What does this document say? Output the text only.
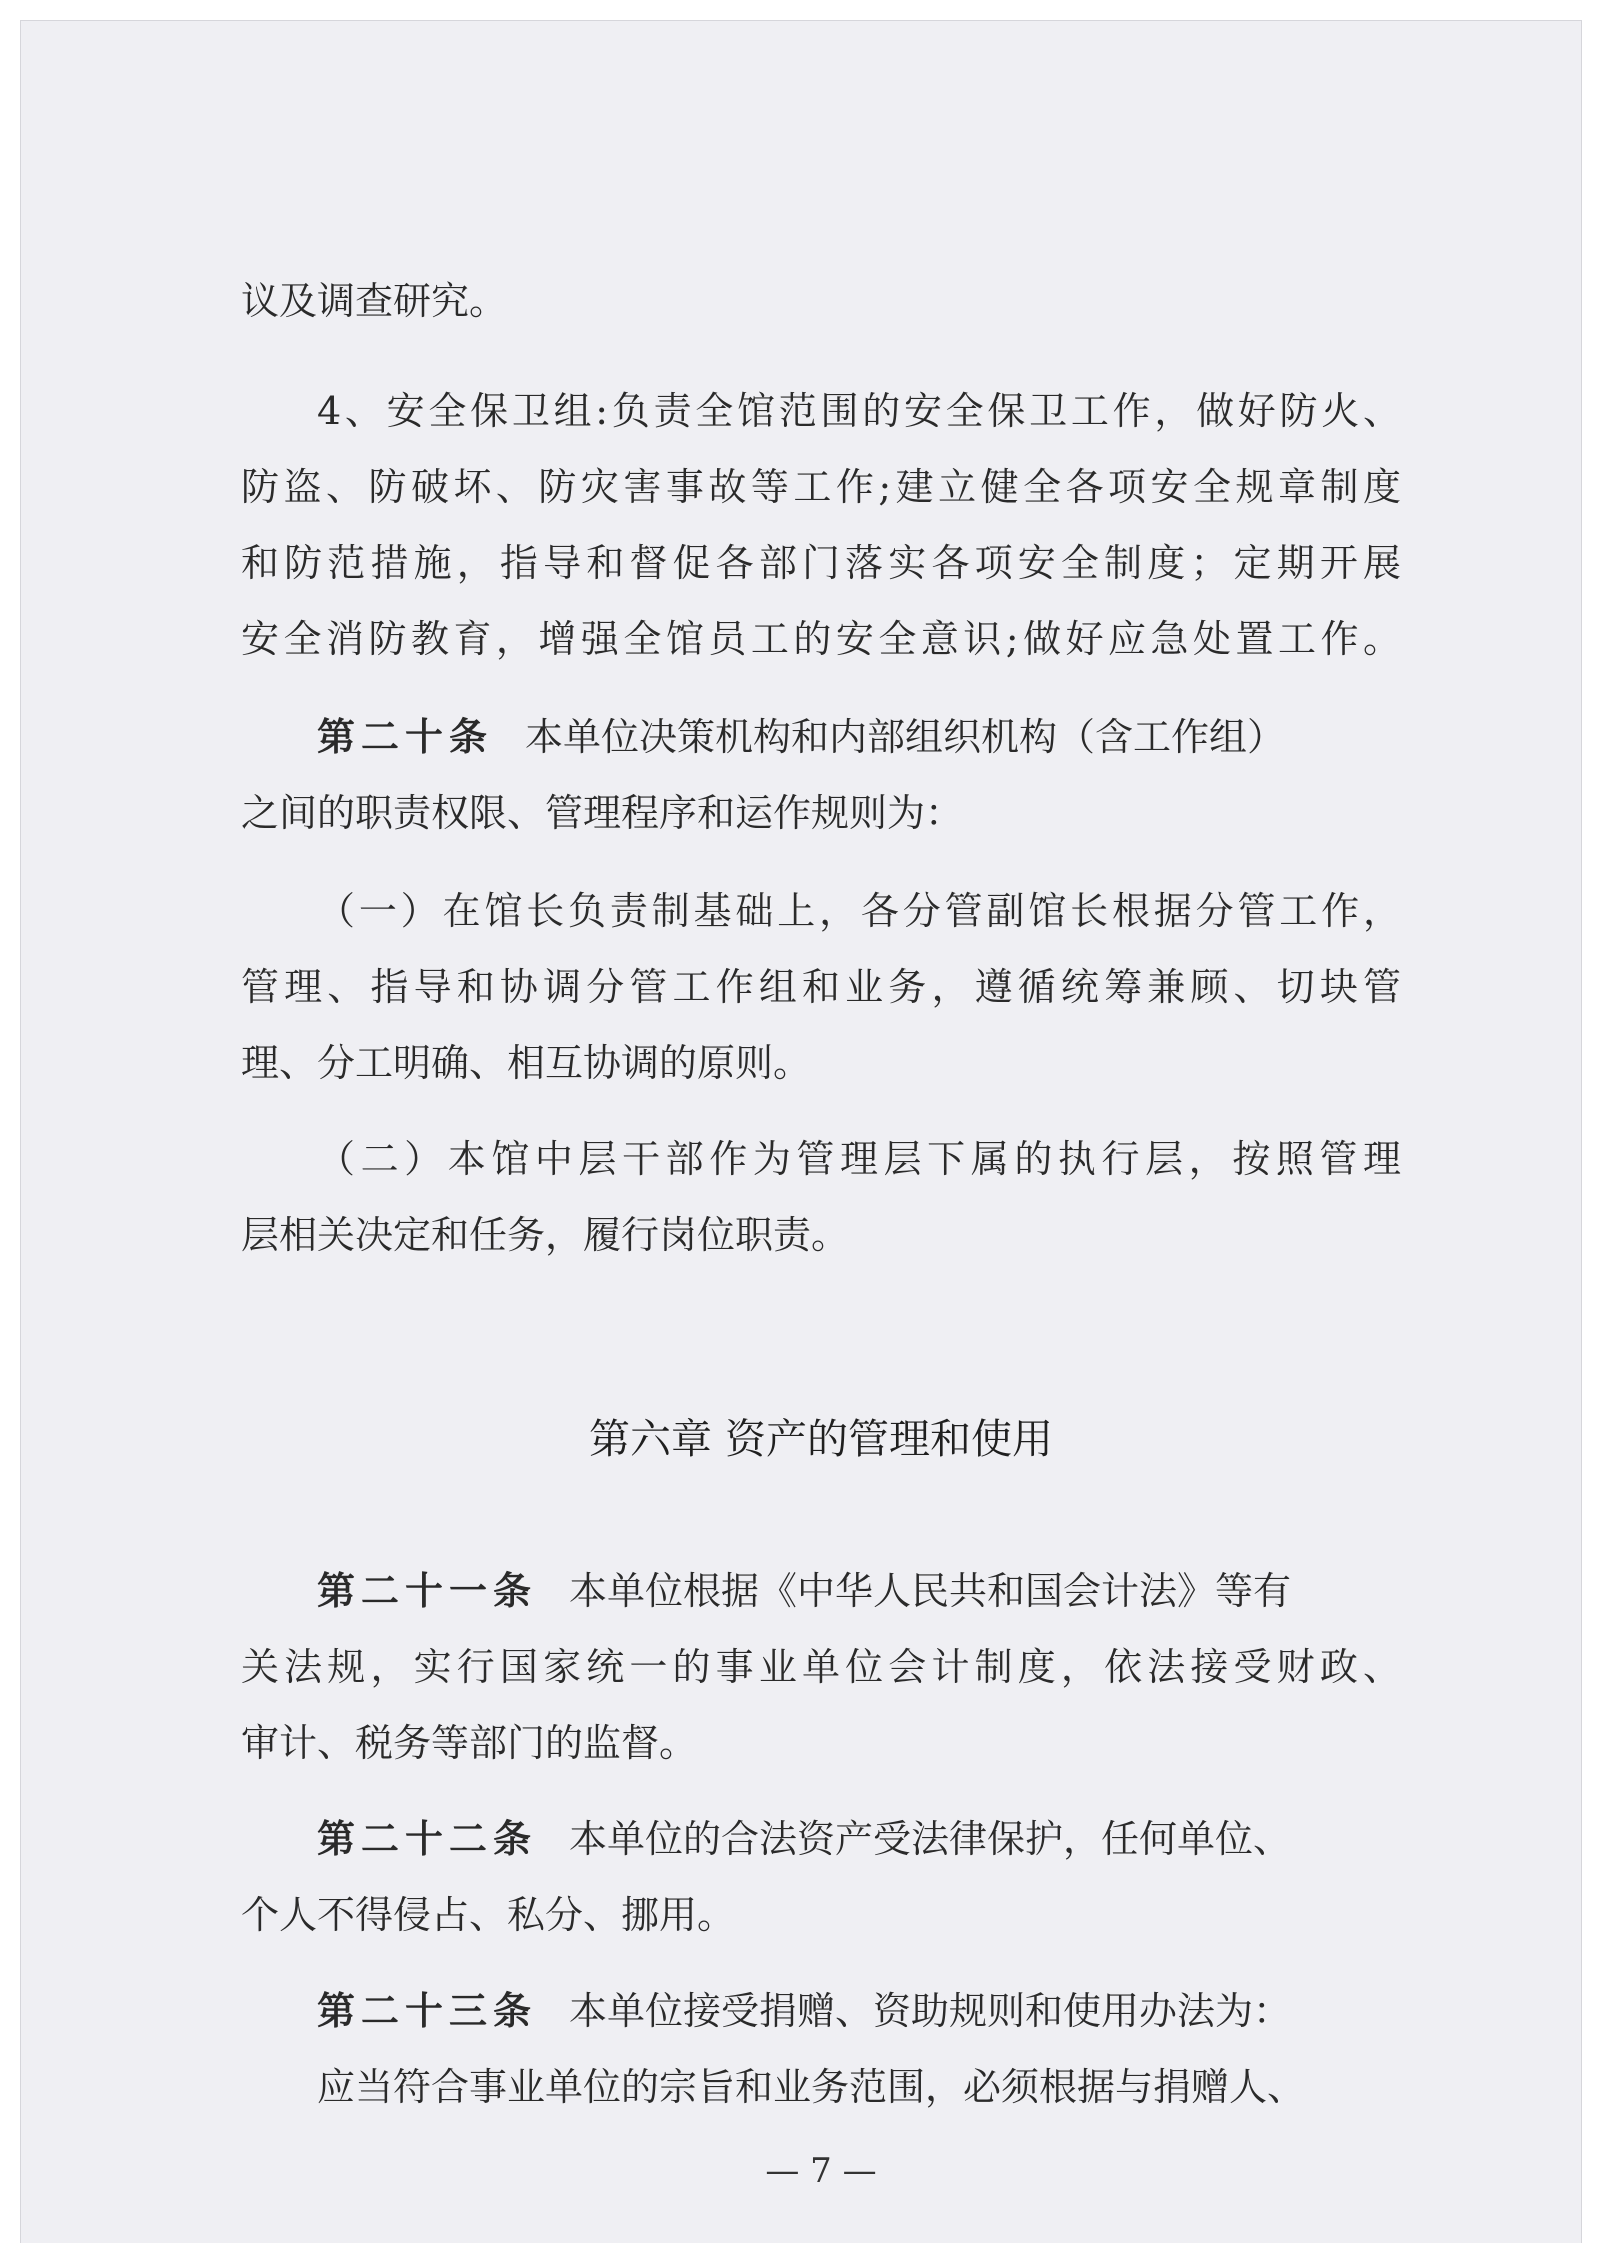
议及调查研究。
4、安全保卫组:负责全馆范围的安全保卫工作，做好防火、
防盗、防破坏、防灾害事故等工作;建立健全各项安全规章制度
和防范措施，指导和督促各部门落实各项安全制度；定期开展
安全消防教育，增强全馆员工的安全意识;做好应急处置工作。
第二十条 本单位决策机构和内部组织机构（含工作组）
之间的职责权限、管理程序和运作规则为：
（一）在馆长负责制基础上，各分管副馆长根据分管工作，
管理、指导和协调分管工作组和业务，遵循统筹兼顾、切块管
理、分工明确、相互协调的原则。
（二）本馆中层干部作为管理层下属的执行层，按照管理
层相关决定和任务，履行岗位职责。
第二十一条 本单位根据《中华人民共和国会计法》等有
关法规，实行国家统一的事业单位会计制度，依法接受财政、
审计、税务等部门的监督。
第二十二条 本单位的合法资产受法律保护，任何单位、
个人不得侵占、私分、挪用。
第二十三条 本单位接受捐赠、资助规则和使用办法为：
应当符合事业单位的宗旨和业务范围，必须根据与捐赠人、
第六章 资产的管理和使用
— 7 —
